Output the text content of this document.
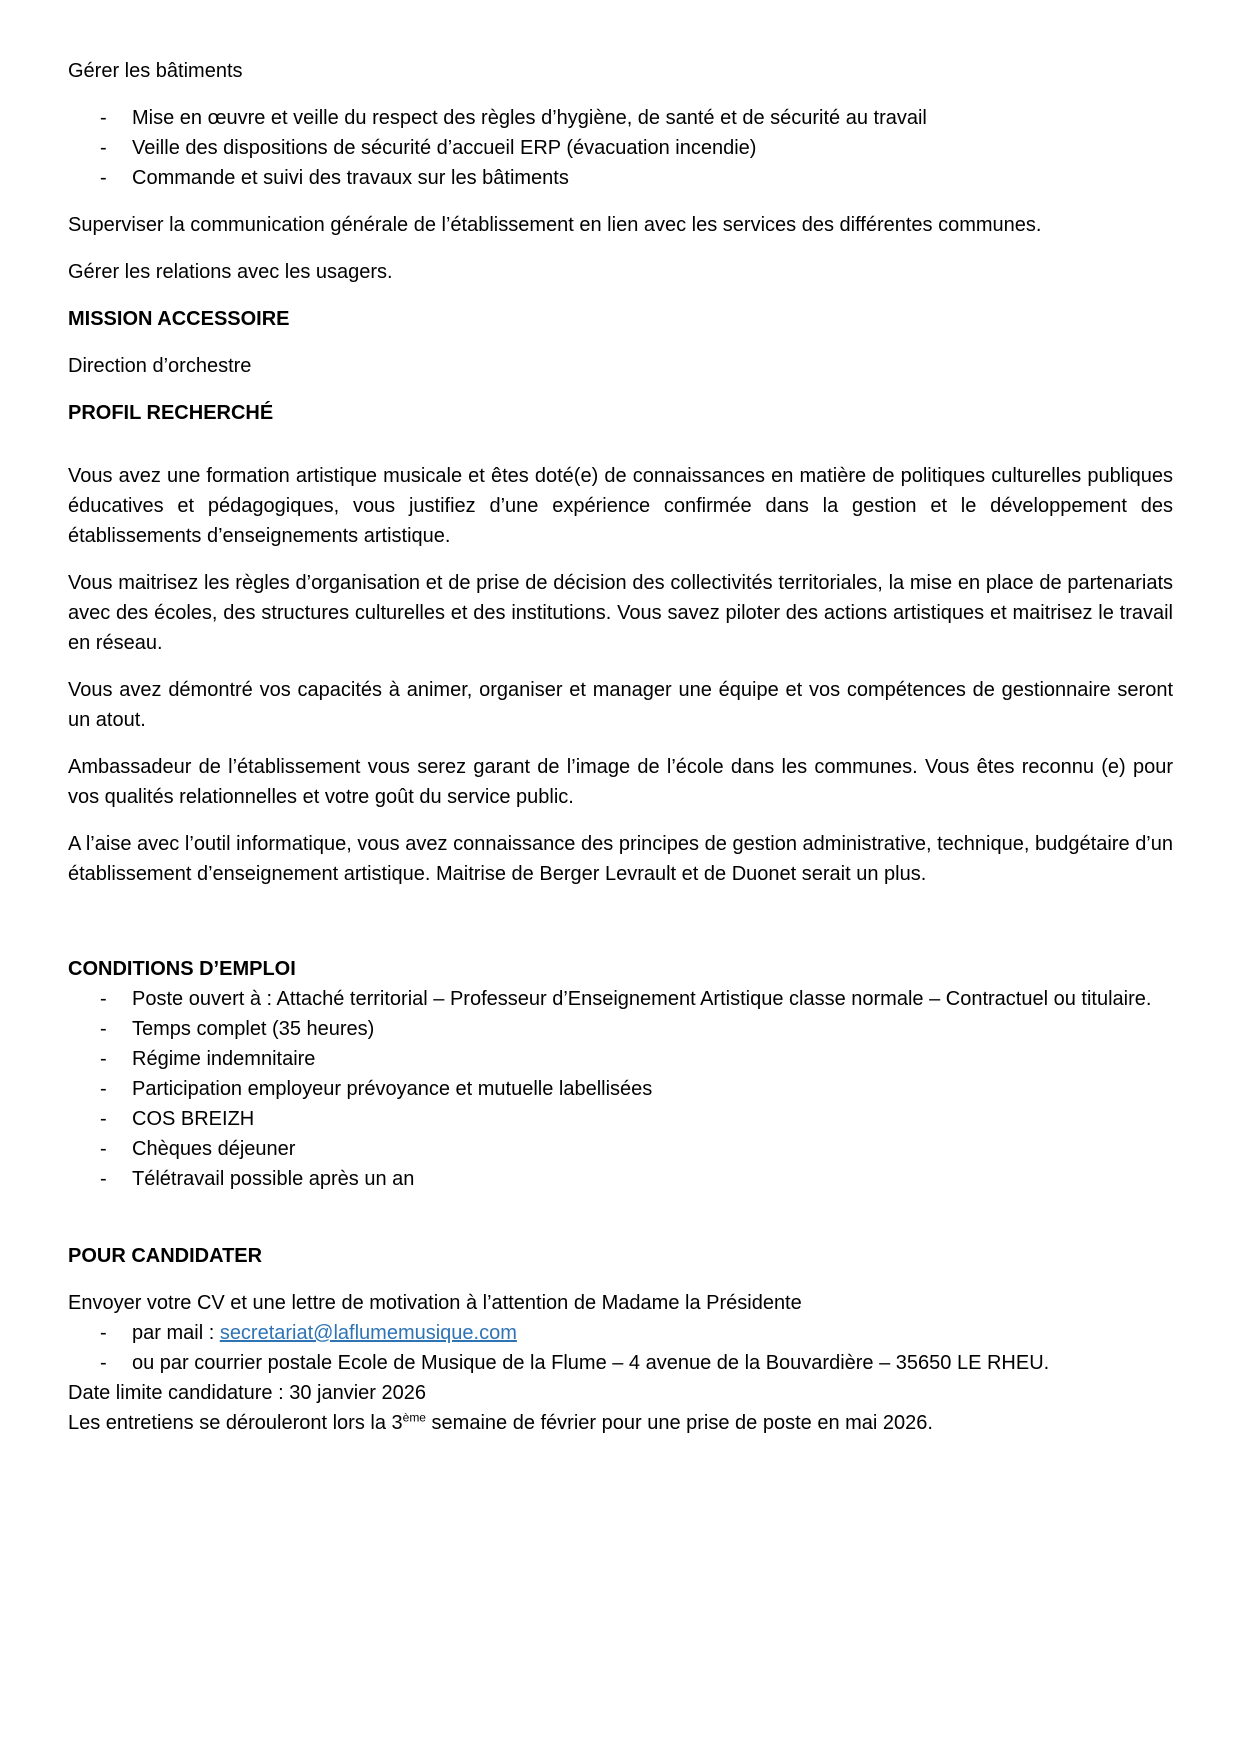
Gérer les bâtiments

- Mise en œuvre et veille du respect des règles d’hygiène, de santé et de sécurité au travail
- Veille des dispositions de sécurité d’accueil ERP (évacuation incendie)
- Commande et suivi des travaux sur les bâtiments

Superviser la communication générale de l’établissement en lien avec les services des différentes communes.

Gérer les relations avec les usagers.

MISSION ACCESSOIRE

Direction d’orchestre

PROFIL RECHERCHÉ

Vous avez une formation artistique musicale et êtes doté(e) de connaissances en matière de politiques culturelles publiques éducatives et pédagogiques, vous justifiez d’une expérience confirmée dans la gestion et le développement des établissements d’enseignements artistique.

Vous maitrisez les règles d’organisation et de prise de décision des collectivités territoriales, la mise en place de partenariats avec des écoles, des structures culturelles et des institutions. Vous savez piloter des actions artistiques et maitrisez le travail en réseau.

Vous avez démontré vos capacités à animer, organiser et manager une équipe et vos compétences de gestionnaire seront un atout.

Ambassadeur de l’établissement vous serez garant de l’image de l’école dans les communes. Vous êtes reconnu (e) pour vos qualités relationnelles et votre goût du service public.

A l’aise avec l’outil informatique, vous avez connaissance des principes de gestion administrative, technique, budgétaire d’un établissement d’enseignement artistique. Maitrise de Berger Levrault et de Duonet serait un plus.

CONDITIONS D’EMPLOI

- Poste ouvert à : Attaché territorial – Professeur d’Enseignement Artistique classe normale – Contractuel ou titulaire.
- Temps complet (35 heures)
- Régime indemnitaire
- Participation employeur prévoyance et mutuelle labellisées
- COS BREIZH
- Chèques déjeuner
- Télétravail possible après un an

POUR CANDIDATER

Envoyer votre CV et une lettre de motivation à l’attention de Madame la Présidente

- par mail : secretariat@laflumemusique.com
- ou par courrier postale Ecole de Musique de la Flume – 4 avenue de la Bouvardière – 35650 LE RHEU.

Date limite candidature : 30 janvier 2026

Les entretiens se dérouleront lors la 3ème semaine de février pour une prise de poste en mai 2026.
